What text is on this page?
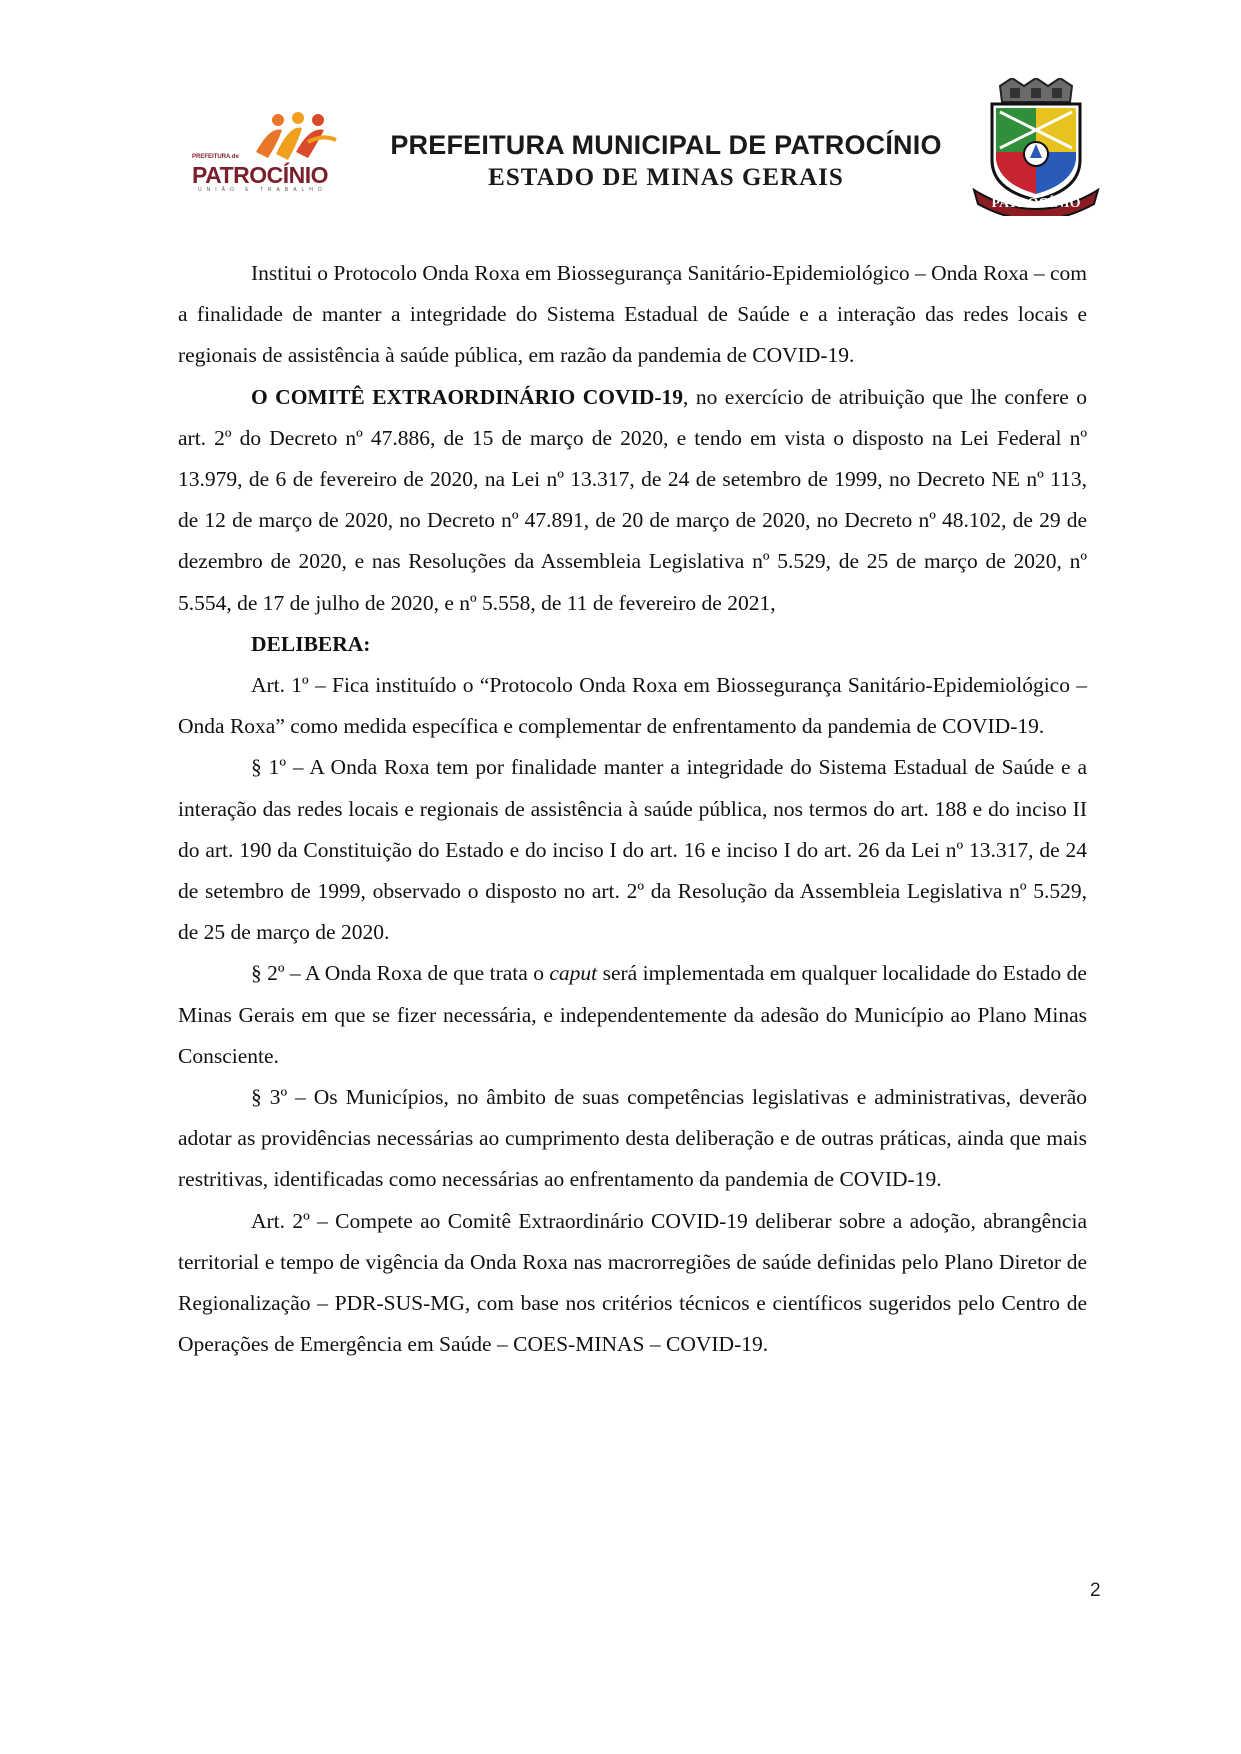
PREFEITURA de
PATROCÍNIO
UNIÃO E TRABALHO
PREFEITURA MUNICIPAL DE PATROCÍNIO
ESTADO DE MINAS GERAIS
PATROCÍNIO

Institui o Protocolo Onda Roxa em Biossegurança Sanitário-Epidemiológico – Onda Roxa – com a finalidade de manter a integridade do Sistema Estadual de Saúde e a interação das redes locais e regionais de assistência à saúde pública, em razão da pandemia de COVID-19.

O COMITÊ EXTRAORDINÁRIO COVID-19, no exercício de atribuição que lhe confere o art. 2º do Decreto nº 47.886, de 15 de março de 2020, e tendo em vista o disposto na Lei Federal nº 13.979, de 6 de fevereiro de 2020, na Lei nº 13.317, de 24 de setembro de 1999, no Decreto NE nº 113, de 12 de março de 2020, no Decreto nº 47.891, de 20 de março de 2020, no Decreto nº 48.102, de 29 de dezembro de 2020, e nas Resoluções da Assembleia Legislativa nº 5.529, de 25 de março de 2020, nº 5.554, de 17 de julho de 2020, e nº 5.558, de 11 de fevereiro de 2021,

DELIBERA:

Art. 1º – Fica instituído o “Protocolo Onda Roxa em Biossegurança Sanitário-Epidemiológico – Onda Roxa” como medida específica e complementar de enfrentamento da pandemia de COVID-19.

§ 1º – A Onda Roxa tem por finalidade manter a integridade do Sistema Estadual de Saúde e a interação das redes locais e regionais de assistência à saúde pública, nos termos do art. 188 e do inciso II do art. 190 da Constituição do Estado e do inciso I do art. 16 e inciso I do art. 26 da Lei nº 13.317, de 24 de setembro de 1999, observado o disposto no art. 2º da Resolução da Assembleia Legislativa nº 5.529, de 25 de março de 2020.

§ 2º – A Onda Roxa de que trata o caput será implementada em qualquer localidade do Estado de Minas Gerais em que se fizer necessária, e independentemente da adesão do Município ao Plano Minas Consciente.

§ 3º – Os Municípios, no âmbito de suas competências legislativas e administrativas, deverão adotar as providências necessárias ao cumprimento desta deliberação e de outras práticas, ainda que mais restritivas, identificadas como necessárias ao enfrentamento da pandemia de COVID-19.

Art. 2º – Compete ao Comitê Extraordinário COVID-19 deliberar sobre a adoção, abrangência territorial e tempo de vigência da Onda Roxa nas macrorregiões de saúde definidas pelo Plano Diretor de Regionalização – PDR-SUS-MG, com base nos critérios técnicos e científicos sugeridos pelo Centro de Operações de Emergência em Saúde – COES-MINAS – COVID-19.

2
